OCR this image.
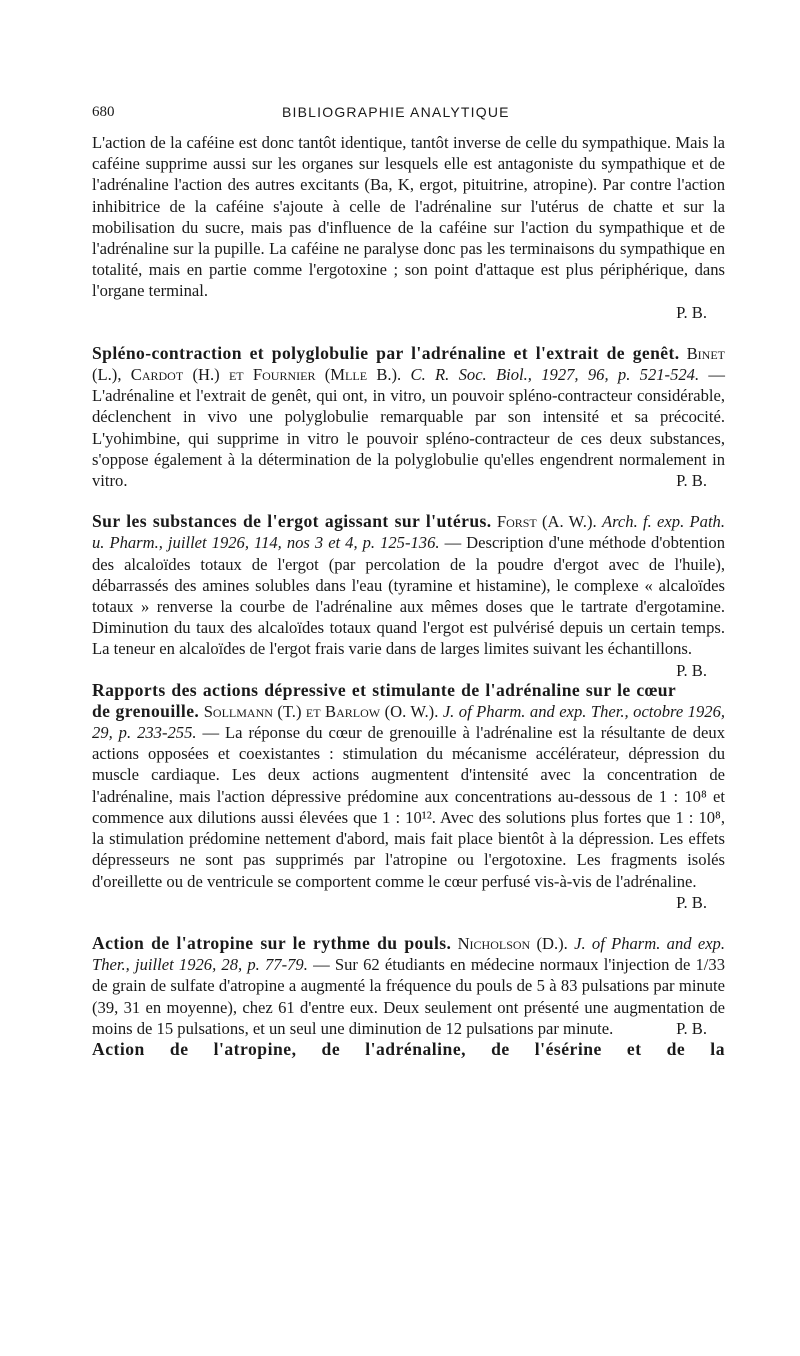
680	BIBLIOGRAPHIE ANALYTIQUE

L'action de la caféine est donc tantôt identique, tantôt inverse de celle du sympathique. Mais la caféine supprime aussi sur les organes sur lesquels elle est antagoniste du sympathique et de l'adrénaline l'action des autres excitants (Ba, K, ergot, pituitrine, atropine). Par contre l'action inhibitrice de la caféine s'ajoute à celle de l'adrénaline sur l'utérus de chatte et sur la mobilisation du sucre, mais pas d'influence de la caféine sur l'action du sympathique et de l'adrénaline sur la pupille. La caféine ne paralyse donc pas les terminaisons du sympathique en totalité, mais en partie comme l'ergotoxine ; son point d'attaque est plus périphérique, dans l'organe terminal.

P. B.

Spléno-contraction et polyglobulie par l'adrénaline et l'extrait de genêt. Binet (L.), Cardot (H.) et Fournier (Mlle B.). C. R. Soc. Biol., 1927, 96, p. 521-524. — L'adrénaline et l'extrait de genêt, qui ont, in vitro, un pouvoir spléno-contracteur considérable, déclenchent in vivo une polyglobulie remarquable par son intensité et sa précocité. L'yohimbine, qui supprime in vitro le pouvoir spléno-contracteur de ces deux substances, s'oppose également à la détermination de la polyglobulie qu'elles engendrent normalement in vitro.	P. B.

Sur les substances de l'ergot agissant sur l'utérus. Forst (A. W.). Arch. f. exp. Path. u. Pharm., juillet 1926, 114, nos 3 et 4, p. 125-136. — Description d'une méthode d'obtention des alcaloïdes totaux de l'ergot (par percolation de la poudre d'ergot avec de l'huile), débarrassés des amines solubles dans l'eau (tyramine et histamine), le complexe « alcaloïdes totaux » renverse la courbe de l'adrénaline aux mêmes doses que le tartrate d'ergotamine. Diminution du taux des alcaloïdes totaux quand l'ergot est pulvérisé depuis un certain temps. La teneur en alcaloïdes de l'ergot frais varie dans de larges limites suivant les échantillons.
P. B.

Rapports des actions dépressive et stimulante de l'adrénaline sur le cœur de grenouille. Sollmann (T.) et Barlow (O. W.). J. of Pharm. and exp. Ther., octobre 1926, 29, p. 233-255. — La réponse du cœur de grenouille à l'adrénaline est la résultante de deux actions opposées et coexistantes : stimulation du mécanisme accélérateur, dépression du muscle cardiaque. Les deux actions augmentent d'intensité avec la concentration de l'adrénaline, mais l'action dépressive prédomine aux concentrations au-dessous de 1 : 10⁸ et commence aux dilutions aussi élevées que 1 : 10¹². Avec des solutions plus fortes que 1 : 10⁸, la stimulation prédomine nettement d'abord, mais fait place bientôt à la dépression. Les effets dépresseurs ne sont pas supprimés par l'atropine ou l'ergotoxine. Les fragments isolés d'oreillette ou de ventricule se comportent comme le cœur perfusé vis-à-vis de l'adrénaline.

P. B.

Action de l'atropine sur le rythme du pouls. Nicholson (D.). J. of Pharm. and exp. Ther., juillet 1926, 28, p. 77-79. — Sur 62 étudiants en médecine normaux l'injection de 1/33 de grain de sulfate d'atropine a augmenté la fréquence du pouls de 5 à 83 pulsations par minute (39, 31 en moyenne), chez 61 d'entre eux. Deux seulement ont présenté une augmentation de moins de 15 pulsations, et un seul une diminution de 12 pulsations par minute.	P. B.

Action de l'atropine, de l'adrénaline, de l'ésérine et de la
